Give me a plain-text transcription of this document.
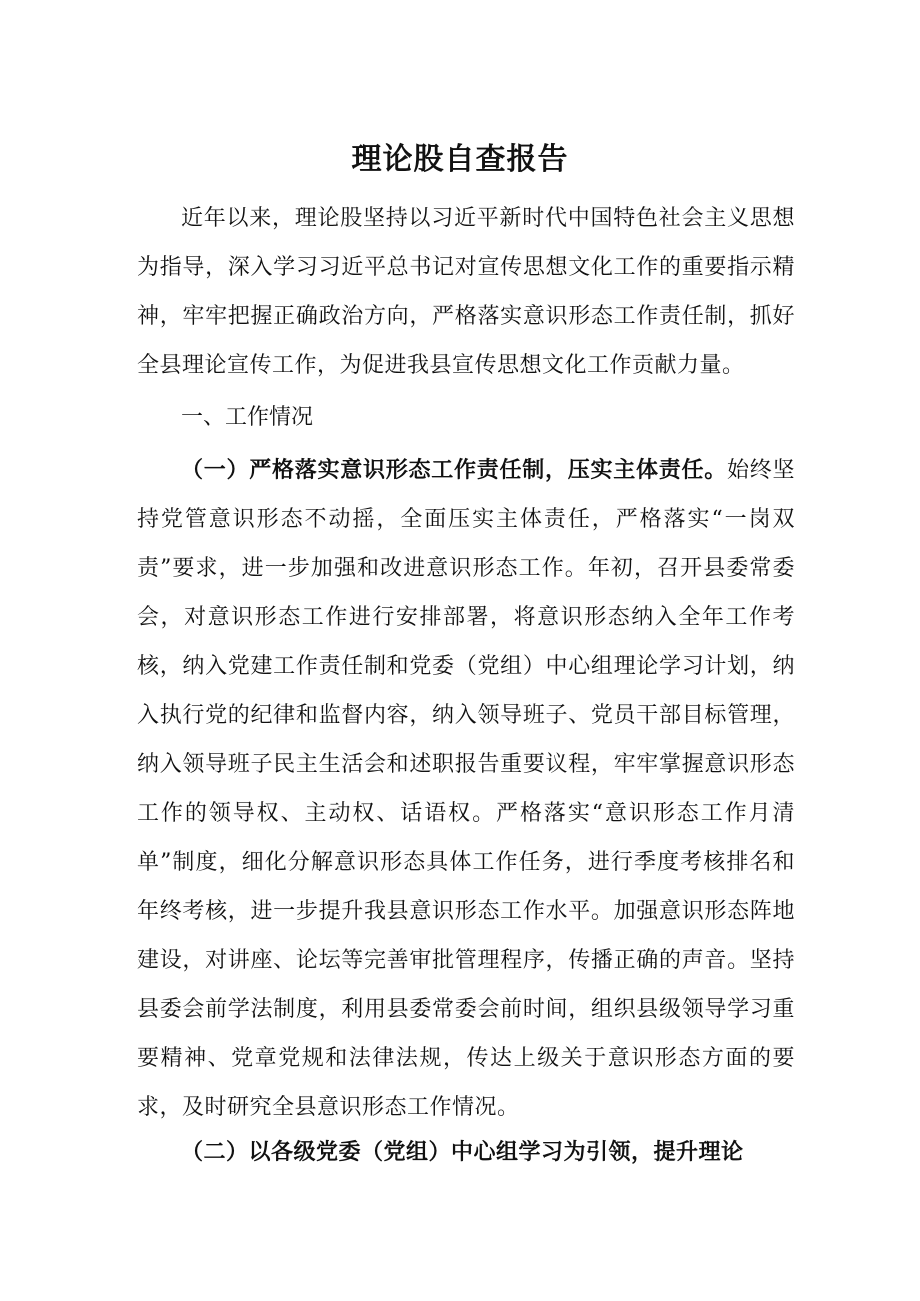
理论股自查报告

近年以来，理论股坚持以习近平新时代中国特色社会主义思想为指导，深入学习习近平总书记对宣传思想文化工作的重要指示精神，牢牢把握正确政治方向，严格落实意识形态工作责任制，抓好全县理论宣传工作，为促进我县宣传思想文化工作贡献力量。

一、工作情况

（一）严格落实意识形态工作责任制，压实主体责任。始终坚持党管意识形态不动摇，全面压实主体责任，严格落实“一岗双责”要求，进一步加强和改进意识形态工作。年初，召开县委常委会，对意识形态工作进行安排部署，将意识形态纳入全年工作考核，纳入党建工作责任制和党委（党组）中心组理论学习计划，纳入执行党的纪律和监督内容，纳入领导班子、党员干部目标管理，纳入领导班子民主生活会和述职报告重要议程，牢牢掌握意识形态工作的领导权、主动权、话语权。严格落实“意识形态工作月清单”制度，细化分解意识形态具体工作任务，进行季度考核排名和年终考核，进一步提升我县意识形态工作水平。加强意识形态阵地建设，对讲座、论坛等完善审批管理程序，传播正确的声音。坚持县委会前学法制度，利用县委常委会前时间，组织县级领导学习重要精神、党章党规和法律法规，传达上级关于意识形态方面的要求，及时研究全县意识形态工作情况。

（二）以各级党委（党组）中心组学习为引领，提升理论
